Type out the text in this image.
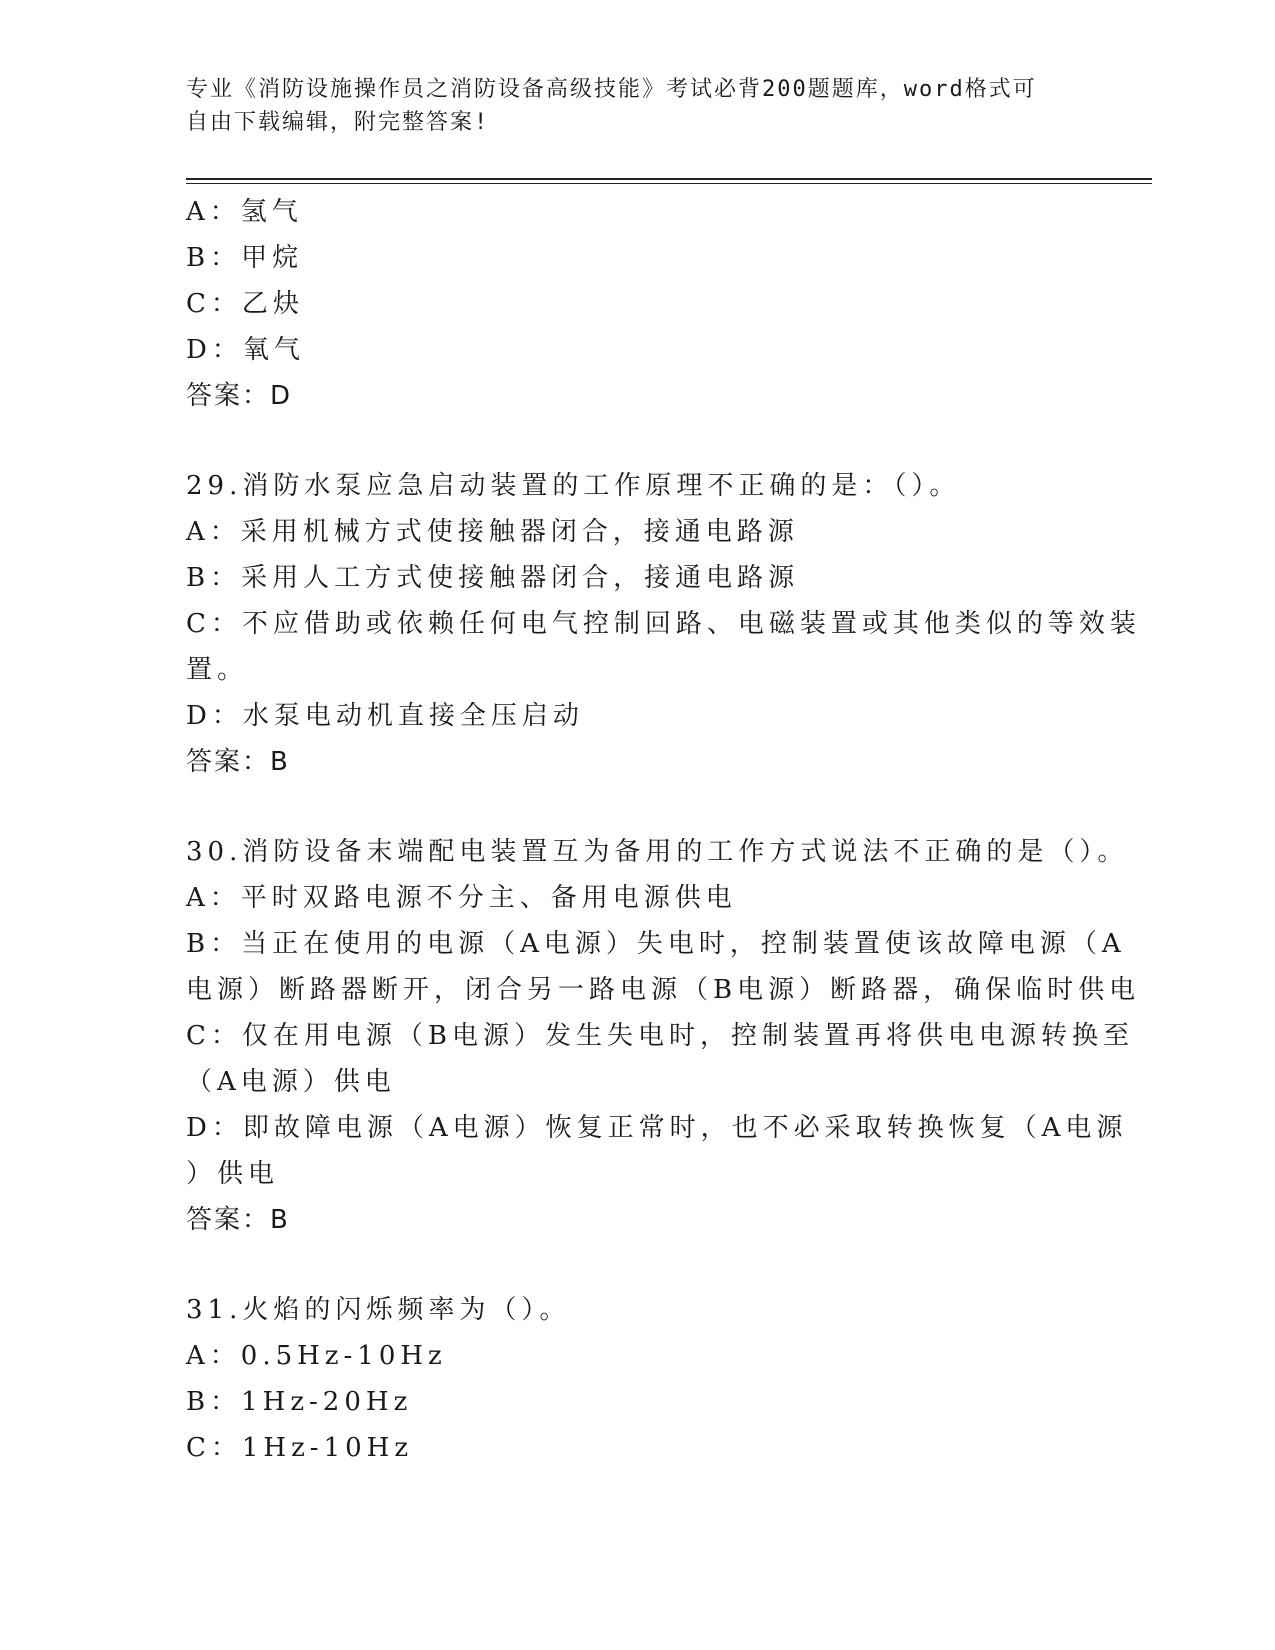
专业《消防设施操作员之消防设备高级技能》考试必背200题题库，word格式可
自由下载编辑，附完整答案!
A：氢气
B：甲烷
C：乙炔
D：氧气
答案：D
29.消防水泵应急启动装置的工作原理不正确的是：（）。
A：采用机械方式使接触器闭合，接通电路源
B：采用人工方式使接触器闭合，接通电路源
C：不应借助或依赖任何电气控制回路、电磁装置或其他类似的等效装
置。
D：水泵电动机直接全压启动
答案：B
30.消防设备末端配电装置互为备用的工作方式说法不正确的是（）。
A：平时双路电源不分主、备用电源供电
B：当正在使用的电源（A电源）失电时，控制装置使该故障电源（A
电源）断路器断开，闭合另一路电源（B电源）断路器，确保临时供电
C：仅在用电源（B电源）发生失电时，控制装置再将供电电源转换至
（A电源）供电
D：即故障电源（A电源）恢复正常时，也不必采取转换恢复（A电源
）供电
答案：B
31.火焰的闪烁频率为（）。
A：0.5Hz-10Hz
B：1Hz-20Hz
C：1Hz-10Hz
